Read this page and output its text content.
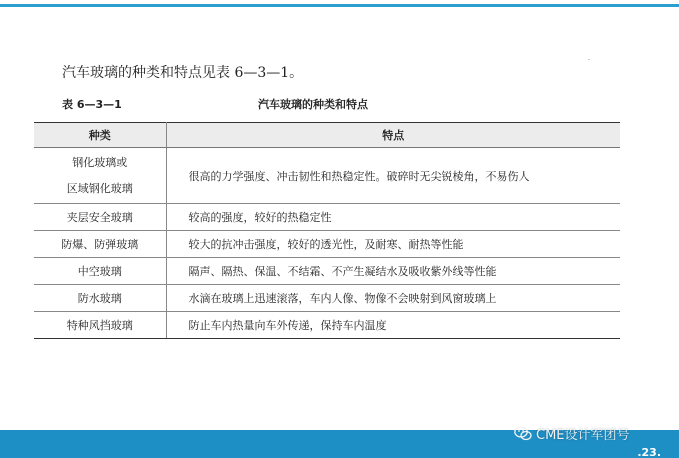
汽车玻璃的种类和特点见表 6—3—1。
·
表 6—3—1	汽车玻璃的种类和特点
种类	特点

钢化玻璃或
区域钢化玻璃	很高的力学强度、冲击韧性和热稳定性。破碎时无尖锐棱角，不易伤人
夹层安全玻璃	较高的强度，较好的热稳定性
防爆、防弹玻璃	较大的抗冲击强度，较好的透光性，及耐寒、耐热等性能
中空玻璃	隔声、隔热、保温、不结霜、不产生凝结水及吸收紫外线等性能
防水玻璃	水滴在玻璃上迅速滚落，车内人像、物像不会映射到风窗玻璃上
特种风挡玻璃	防止车内热量向车外传递，保持车内温度
.23.
CME设计军团号
